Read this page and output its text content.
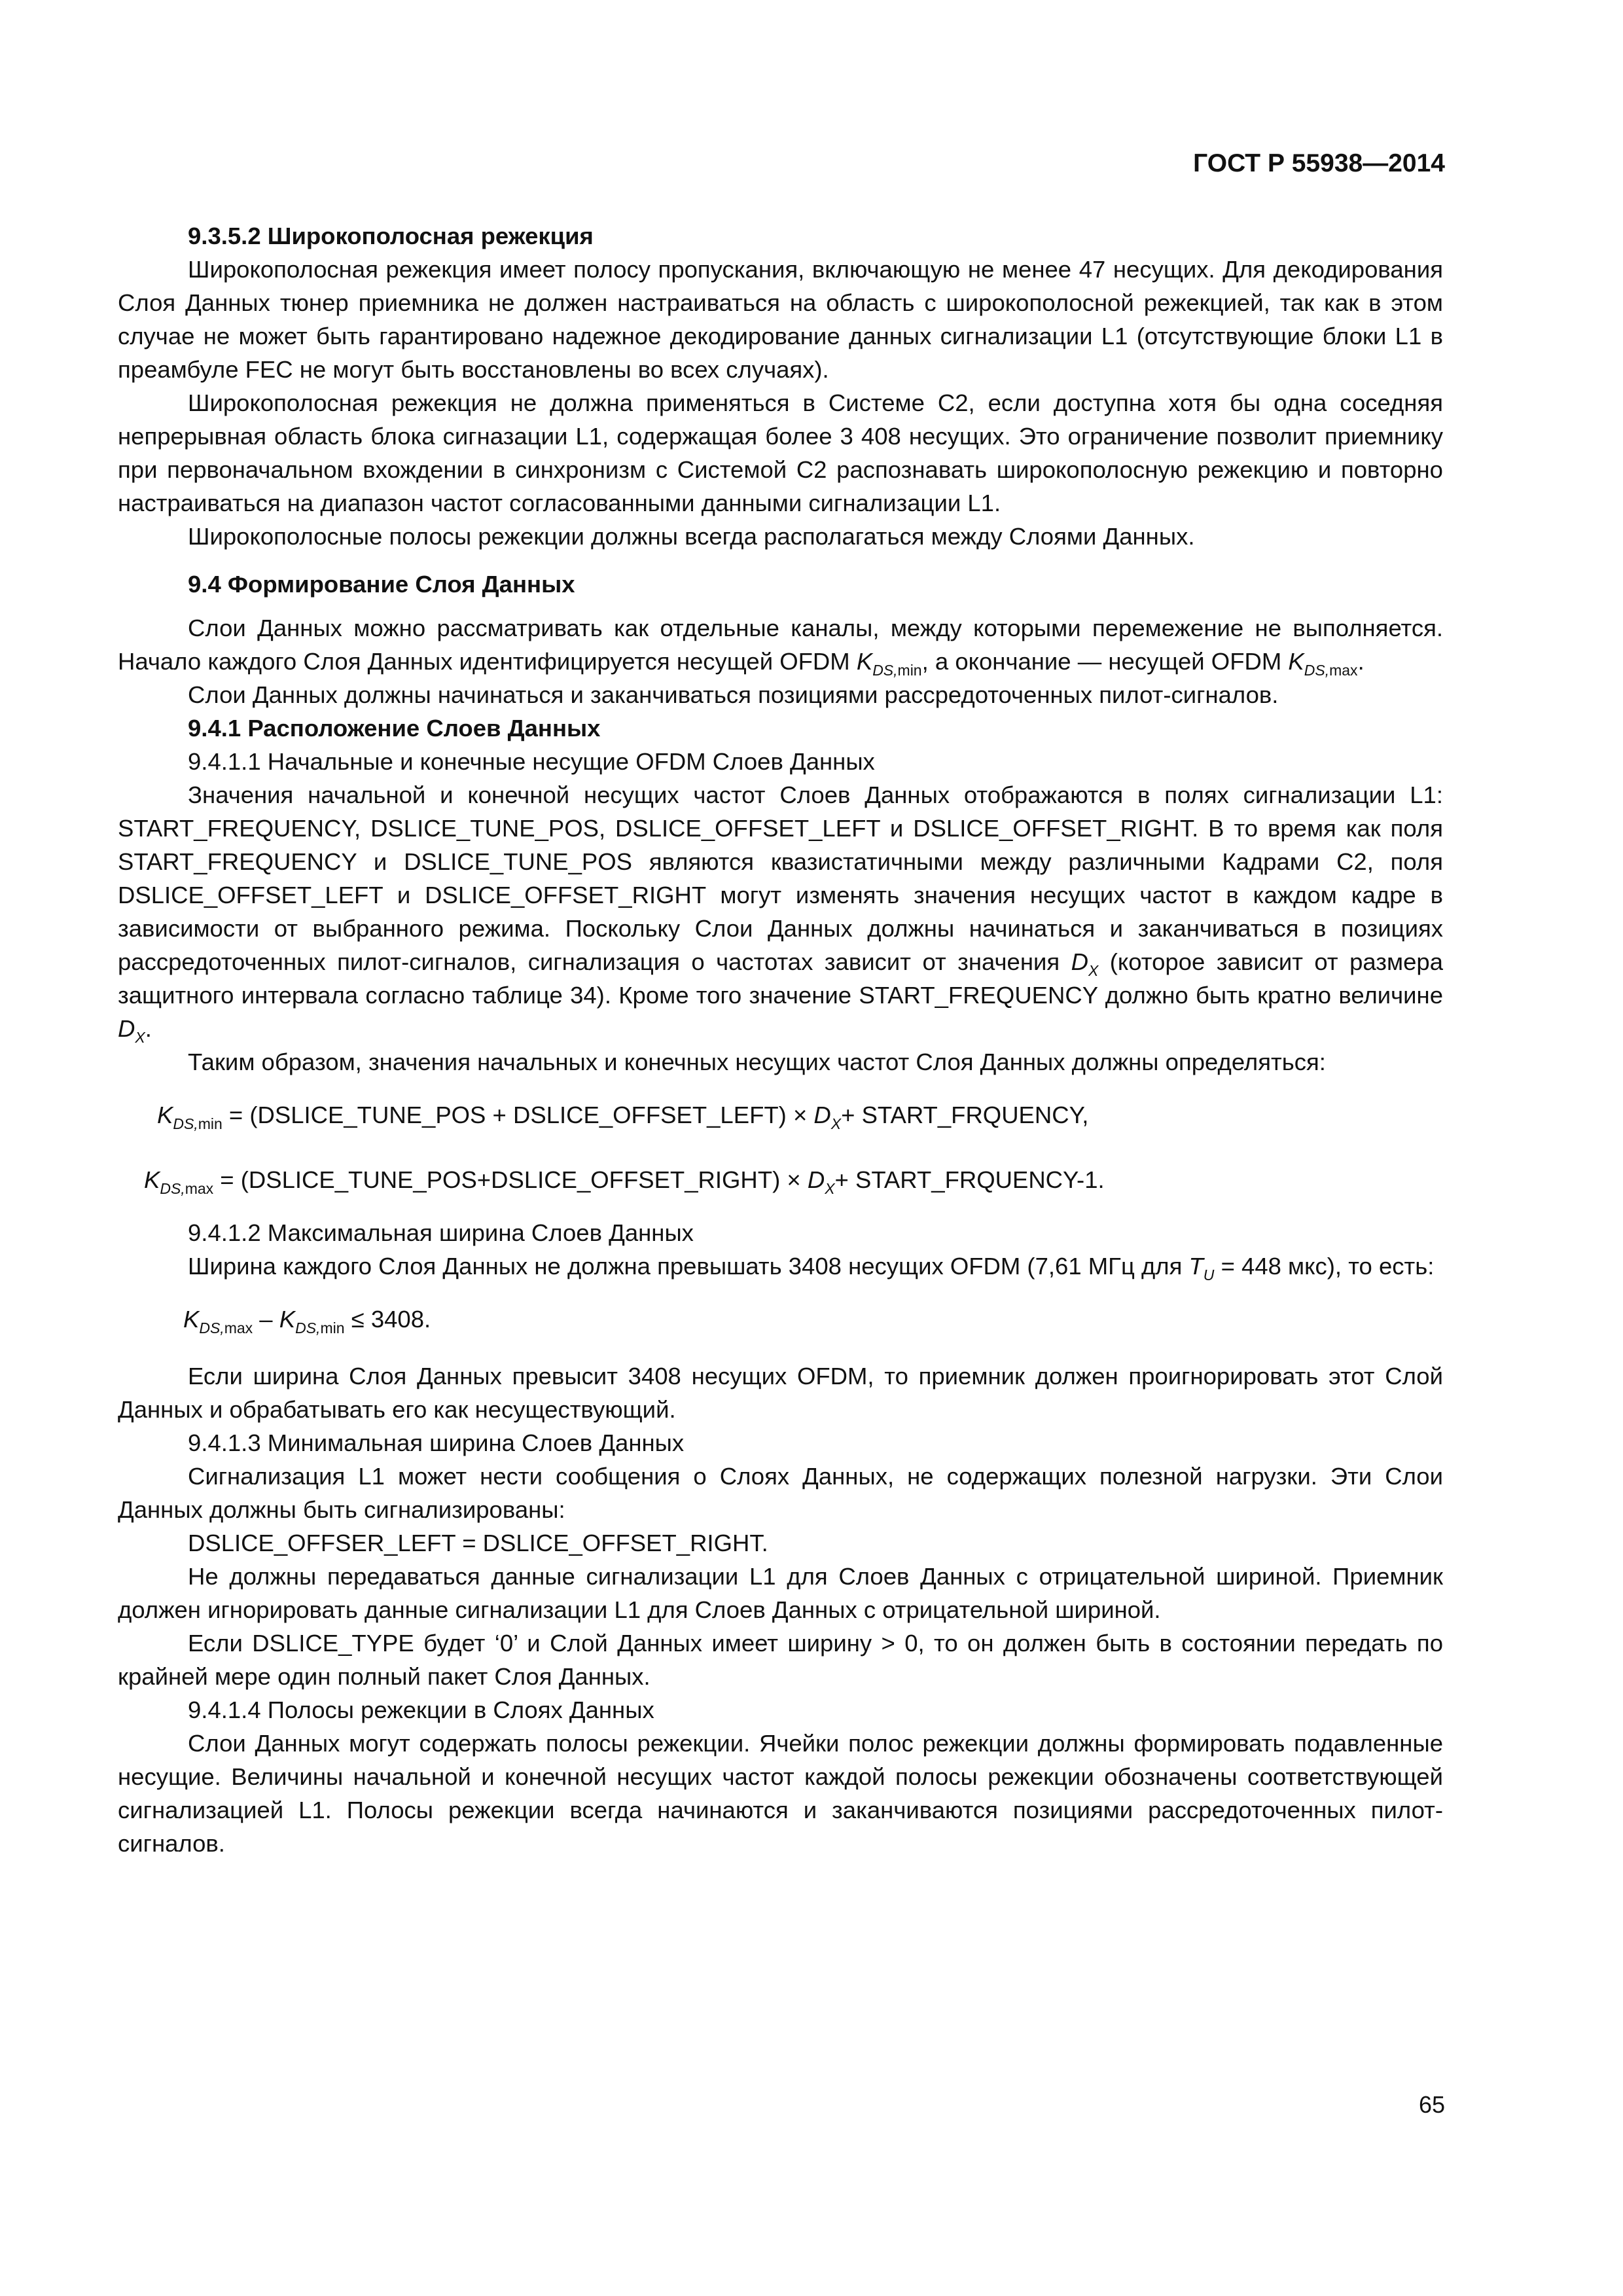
ГОСТ Р 55938—2014
9.3.5.2 Широкополосная режекция

Широкополосная режекция имеет полосу пропускания, включающую не менее 47 несущих. Для декодирования Слоя Данных тюнер приемника не должен настраиваться на область с широкополосной режекцией, так как в этом случае не может быть гарантировано надежное декодирование данных сигнализации L1 (отсутствующие блоки L1 в преамбуле FEC не могут быть восстановлены во всех случаях).

Широкополосная режекция не должна применяться в Системе С2, если доступна хотя бы одна соседняя непрерывная область блока сигназации L1, содержащая более 3 408 несущих. Это ограничение позволит приемнику при первоначальном вхождении в синхронизм с Системой С2 распознавать широкополосную режекцию и повторно настраиваться на диапазон частот согласованными данными сигнализации L1.

Широкополосные полосы режекции должны всегда располагаться между Слоями Данных.

9.4 Формирование Слоя Данных

Слои Данных можно рассматривать как отдельные каналы, между которыми перемежение не выполняется. Начало каждого Слоя Данных идентифицируется несущей OFDM $K_{DS,min}$, а окончание — несущей OFDM $K_{DS,max}$.

Слои Данных должны начинаться и заканчиваться позициями рассредоточенных пилот-сигналов.

9.4.1 Расположение Слоев Данных
9.4.1.1 Начальные и конечные несущие OFDM Слоев Данных

Значения начальной и конечной несущих частот Слоев Данных отображаются в полях сигнализации L1: START_FREQUENCY, DSLICE_TUNE_POS, DSLICE_OFFSET_LEFT и DSLICE_OFFSET_RIGHT. В то время как поля START_FREQUENCY и DSLICE_TUNE_POS являются квазистатичными между различными Кадрами С2, поля DSLICE_OFFSET_LEFT и DSLICE_OFFSET_RIGHT могут изменять значения несущих частот в каждом кадре в зависимости от выбранного режима. Поскольку Слои Данных должны начинаться и заканчиваться в позициях рассредоточенных пилот-сигналов, сигнализация о частотах зависит от значения $D_X$ (которое зависит от размера защитного интервала согласно таблице 34). Кроме того значение START_FREQUENCY должно быть кратно величине $D_X$.

Таким образом, значения начальных и конечных несущих частот Слоя Данных должны определяться:

$K_{DS,min}$ = (DSLICE_TUNE_POS + DSLICE_OFFSET_LEFT) × $D_X+$ START_FRQUENCY,

$K_{DS,max}$ = (DSLICE_TUNE_POS+DSLICE_OFFSET_RIGHT) × $D_X+$ START_FRQUENCY-1.

9.4.1.2 Максимальная ширина Слоев Данных

Ширина каждого Слоя Данных не должна превышать 3408 несущих OFDM (7,61 МГц для $T_U = 448$ мкс), то есть:

$K_{DS,max} - K_{DS,min} \le 3408$.

Если ширина Слоя Данных превысит 3408 несущих OFDM, то приемник должен проигнорировать этот Слой Данных и обрабатывать его как несуществующий.

9.4.1.3 Минимальная ширина Слоев Данных

Сигнализация L1 может нести сообщения о Слоях Данных, не содержащих полезной нагрузки. Эти Слои Данных должны быть сигнализированы:

DSLICE_OFFSER_LEFT = DSLICE_OFFSET_RIGHT.

Не должны передаваться данные сигнализации L1 для Слоев Данных с отрицательной шириной. Приемник должен игнорировать данные сигнализации L1 для Слоев Данных с отрицательной шириной.

Если DSLICE_TYPE будет ‘0’ и Слой Данных имеет ширину > 0, то он должен быть в состоянии передать по крайней мере один полный пакет Слоя Данных.

9.4.1.4 Полосы режекции в Слоях Данных

Слои Данных могут содержать полосы режекции. Ячейки полос режекции должны формировать подавленные несущие. Величины начальной и конечной несущих частот каждой полосы режекции обозначены соответствующей сигнализацией L1. Полосы режекции всегда начинаются и заканчиваются позициями рассредоточенных пилот-сигналов.

65
